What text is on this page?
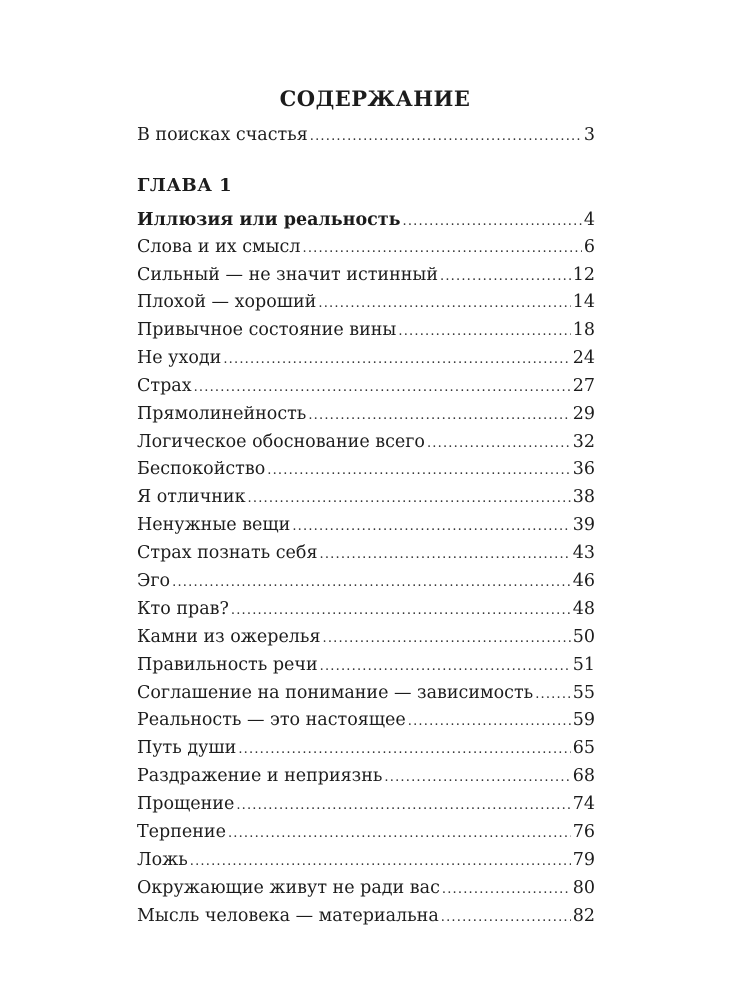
СОДЕРЖАНИЕ
В поисках счастья .....	3
ГЛАВА 1
Иллюзия или реальность .....	4
Слова и их смысл .....	6
Сильный — не значит истинный .....	12
Плохой — хороший .....	14
Привычное состояние вины .....	18
Не уходи .....	24
Страх .....	27
Прямолинейность .....	29
Логическое обоснование всего .....	32
Беспокойство .....	36
Я отличник .....	38
Ненужные вещи .....	39
Страх познать себя .....	43
Эго .....	46
Кто прав? .....	48
Камни из ожерелья .....	50
Правильность речи .....	51
Соглашение на понимание — зависимость ..... 55
Реальность — это настоящее .....	59
Путь души .....	65
Раздражение и неприязнь .....	68
Прощение .....	74
Терпение .....	76
Ложь .....	79
Окружающие живут не ради вас .....	80
Мысль человека — материальна .....	82
